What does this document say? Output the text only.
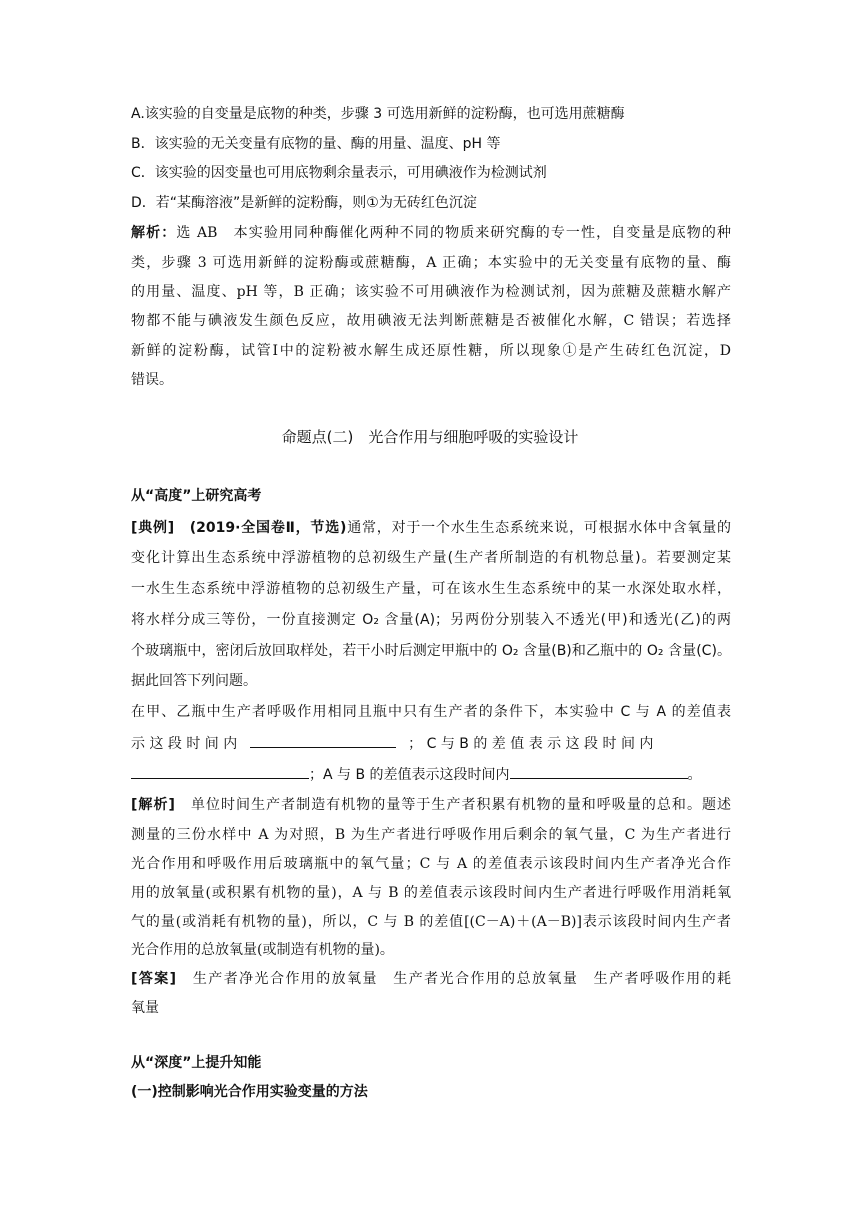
A.该实验的自变量是底物的种类，步骤 3 可选用新鲜的淀粉酶，也可选用蔗糖酶
B．该实验的无关变量有底物的量、酶的用量、温度、pH 等
C．该实验的因变量也可用底物剩余量表示，可用碘液作为检测试剂
D．若“某酶溶液”是新鲜的淀粉酶，则①为无砖红色沉淀
解析：选 AB　本实验用同种酶催化两种不同的物质来研究酶的专一性，自变量是底物的种
类，步骤 3 可选用新鲜的淀粉酶或蔗糖酶，A 正确；本实验中的无关变量有底物的量、酶
的用量、温度、pH 等，B 正确；该实验不可用碘液作为检测试剂，因为蔗糖及蔗糖水解产
物都不能与碘液发生颜色反应，故用碘液无法判断蔗糖是否被催化水解，C 错误；若选择
新鲜的淀粉酶，试管Ⅰ中的淀粉被水解生成还原性糖，所以现象①是产生砖红色沉淀，D
错误。
命题点(二)　光合作用与细胞呼吸的实验设计
从“高度”上研究高考
[典例]　 (2019·全国卷Ⅱ，节选)通常，对于一个水生生态系统来说，可根据水体中含氧量的
变化计算出生态系统中浮游植物的总初级生产量(生产者所制造的有机物总量)。若要测定某
一水生生态系统中浮游植物的总初级生产量，可在该水生生态系统中的某一水深处取水样，
将水样分成三等份，一份直接测定 O₂ 含量(A)；另两份分别装入不透光(甲)和透光(乙)的两
个玻璃瓶中，密闭后放回取样处，若干小时后测定甲瓶中的 O₂ 含量(B)和乙瓶中的 O₂ 含量(C)。
据此回答下列问题。
在甲、乙瓶中生产者呼吸作用相同且瓶中只有生产者的条件下，本实验中 C 与 A 的差值表
示 这 段 时 间 内	； C 与 B 的 差 值 表 示 这 段 时 间 内
；A 与 B 的差值表示这段时间内	。
[解析]　单位时间生产者制造有机物的量等于生产者积累有机物的量和呼吸量的总和。题述
测量的三份水样中 A 为对照，B 为生产者进行呼吸作用后剩余的氧气量，C 为生产者进行
光合作用和呼吸作用后玻璃瓶中的氧气量；C 与 A 的差值表示该段时间内生产者净光合作
用的放氧量(或积累有机物的量)，A 与 B 的差值表示该段时间内生产者进行呼吸作用消耗氧
气的量(或消耗有机物的量)，所以，C 与 B 的差值[(C－A)＋(A－B)]表示该段时间内生产者
光合作用的总放氧量(或制造有机物的量)。
[答案]　生产者净光合作用的放氧量　生产者光合作用的总放氧量　生产者呼吸作用的耗
氧量
从“深度”上提升知能
(一)控制影响光合作用实验变量的方法
